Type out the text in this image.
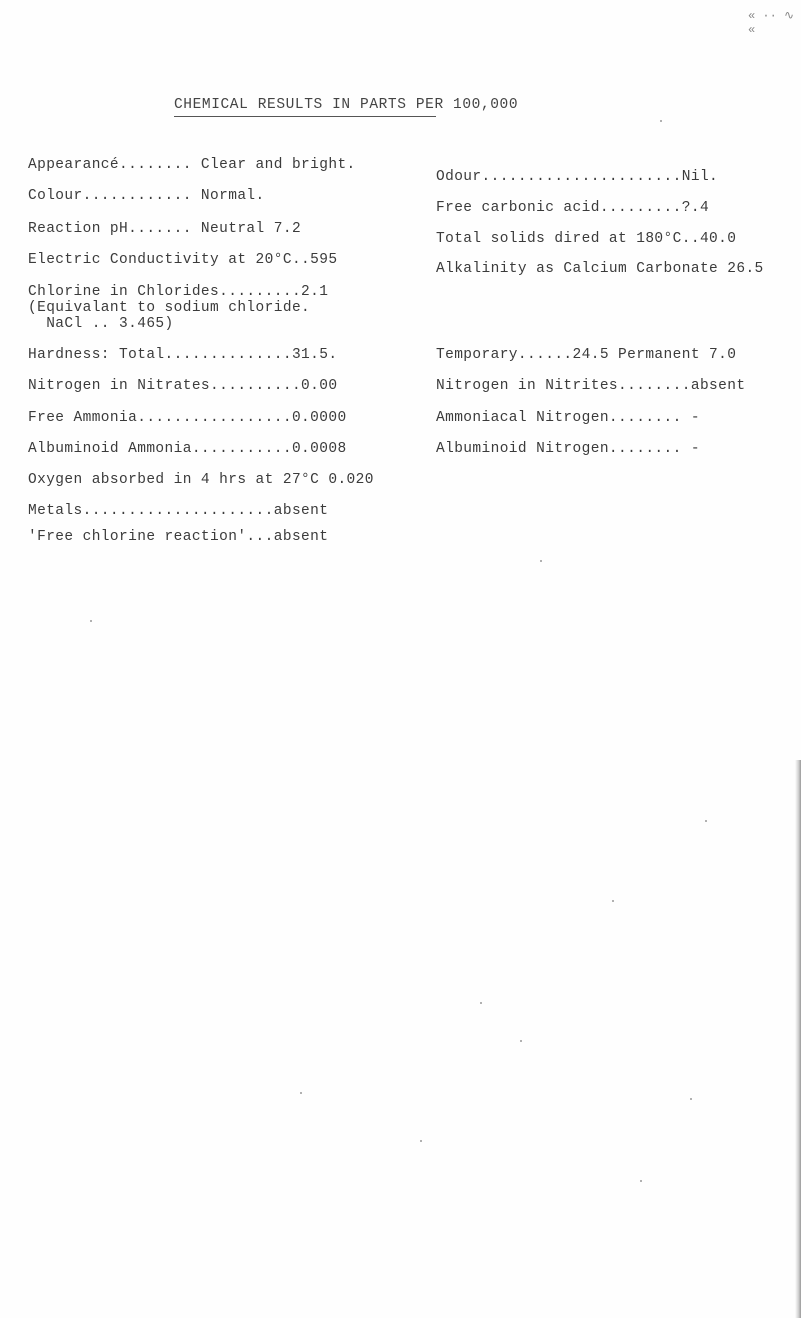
« ·· ∿ «
CHEMICAL RESULTS IN PARTS PER 100,000
Appearancé........ Clear and bright.
Colour............ Normal.
Reaction pH....... Neutral 7.2
Electric Conductivity at 20°C..595
Chlorine in Chlorides.........2.1
(Equivalant to sodium chloride.
NaCl .. 3.465)
Hardness: Total..............31.5.
Nitrogen in Nitrates..........0.00
Free Ammonia.................0.0000
Albuminoid Ammonia...........0.0008
Oxygen absorbed in 4 hrs at 27°C 0.020
Metals.....................absent
'Free chlorine reaction'...absent
Odour......................Nil.
Free carbonic acid.........?.4
Total solids dired at 180°C..40.0
Alkalinity as Calcium Carbonate 26.5
Temporary......24.5 Permanent 7.0
Nitrogen in Nitrites........absent
Ammoniacal Nitrogen........ -
Albuminoid Nitrogen........ -
